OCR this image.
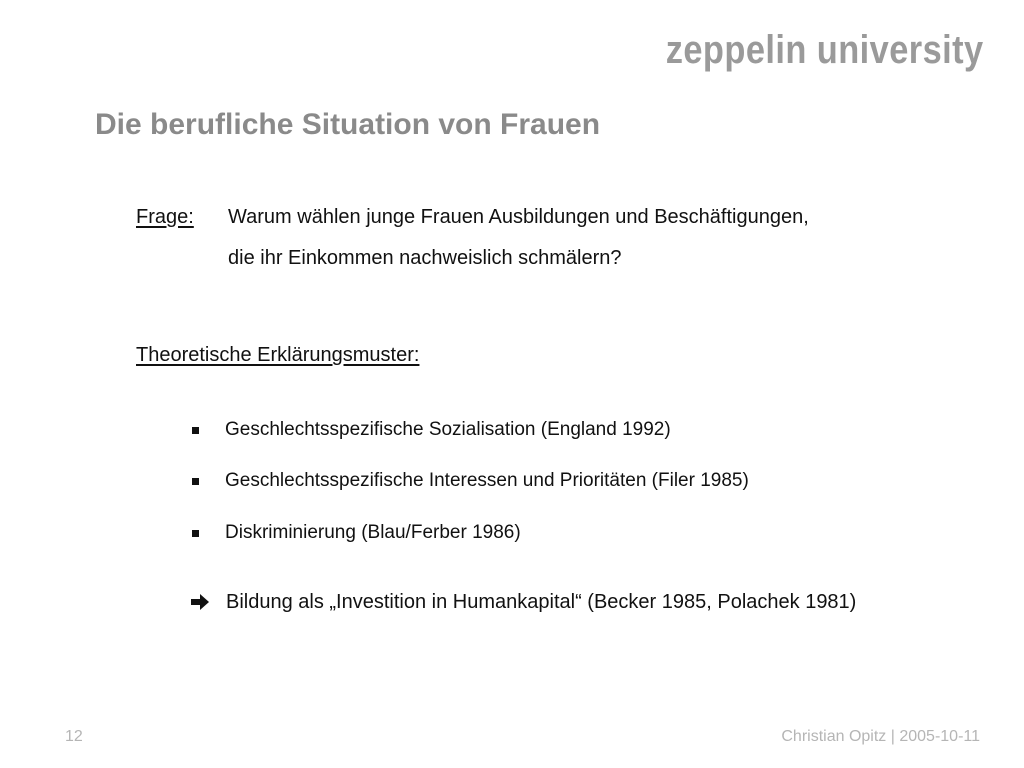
zeppelin university
Die berufliche Situation von Frauen
Frage: Warum wählen junge Frauen Ausbildungen und Beschäftigungen,
die ihr Einkommen nachweislich schmälern?
Theoretische Erklärungsmuster:
Geschlechtsspezifische Sozialisation (England 1992)
Geschlechtsspezifische Interessen und Prioritäten (Filer 1985)
Diskriminierung (Blau/Ferber 1986)
Bildung als „Investition in Humankapital“ (Becker 1985, Polachek 1981)
12	Christian Opitz | 2005-10-11
